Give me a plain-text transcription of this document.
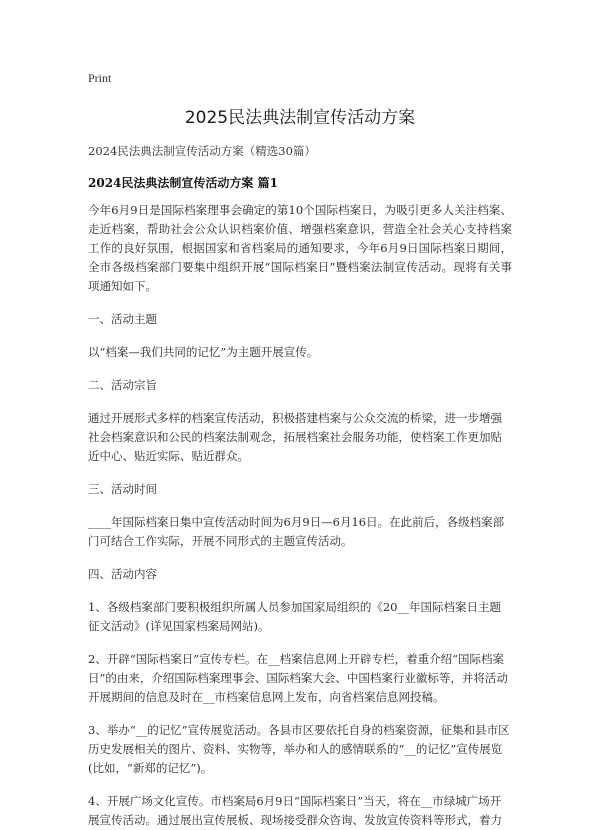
Print

2025民法典法制宣传活动方案

2024民法典法制宣传活动方案（精选30篇）

2024民法典法制宣传活动方案 篇1

今年6月9日是国际档案理事会确定的第10个国际档案日，为吸引更多人关注档案、走近档案，帮助社会公众认识档案价值、增强档案意识，营造全社会关心支持档案工作的良好氛围，根据国家和省档案局的通知要求，今年6月9日国际档案日期间，全市各级档案部门要集中组织开展“国际档案日”暨档案法制宣传活动。现将有关事项通知如下。

一、活动主题

以“档案—我们共同的记忆”为主题开展宣传。

二、活动宗旨

通过开展形式多样的档案宣传活动，积极搭建档案与公众交流的桥梁，进一步增强社会档案意识和公民的档案法制观念，拓展档案社会服务功能，使档案工作更加贴近中心、贴近实际、贴近群众。

三、活动时间

____年国际档案日集中宣传活动时间为6月9日—6月16日。在此前后，各级档案部门可结合工作实际，开展不同形式的主题宣传活动。

四、活动内容

1、各级档案部门要积极组织所属人员参加国家局组织的《20__年国际档案日主题征文活动》(详见国家档案局网站)。

2、开辟“国际档案日”宣传专栏。在__档案信息网上开辟专栏，着重介绍“国际档案日”的由来，介绍国际档案理事会、国际档案大会、中国档案行业徽标等，并将活动开展期间的信息及时在__市档案信息网上发布，向省档案信息网投稿。

3、举办“__的记忆”宣传展览活动。各县市区要依托自身的档案资源，征集和县市区历史发展相关的图片、资料、实物等，举办和人的感情联系的“__的记忆”宣传展览(比如，“新郑的记忆”)。

4、开展广场文化宣传。市档案局6月9日“国际档案日”当天，将在__市绿城广场开展宣传活动。通过展出宣传展板、现场接受群众咨询、发放宣传资料等形式，着力
